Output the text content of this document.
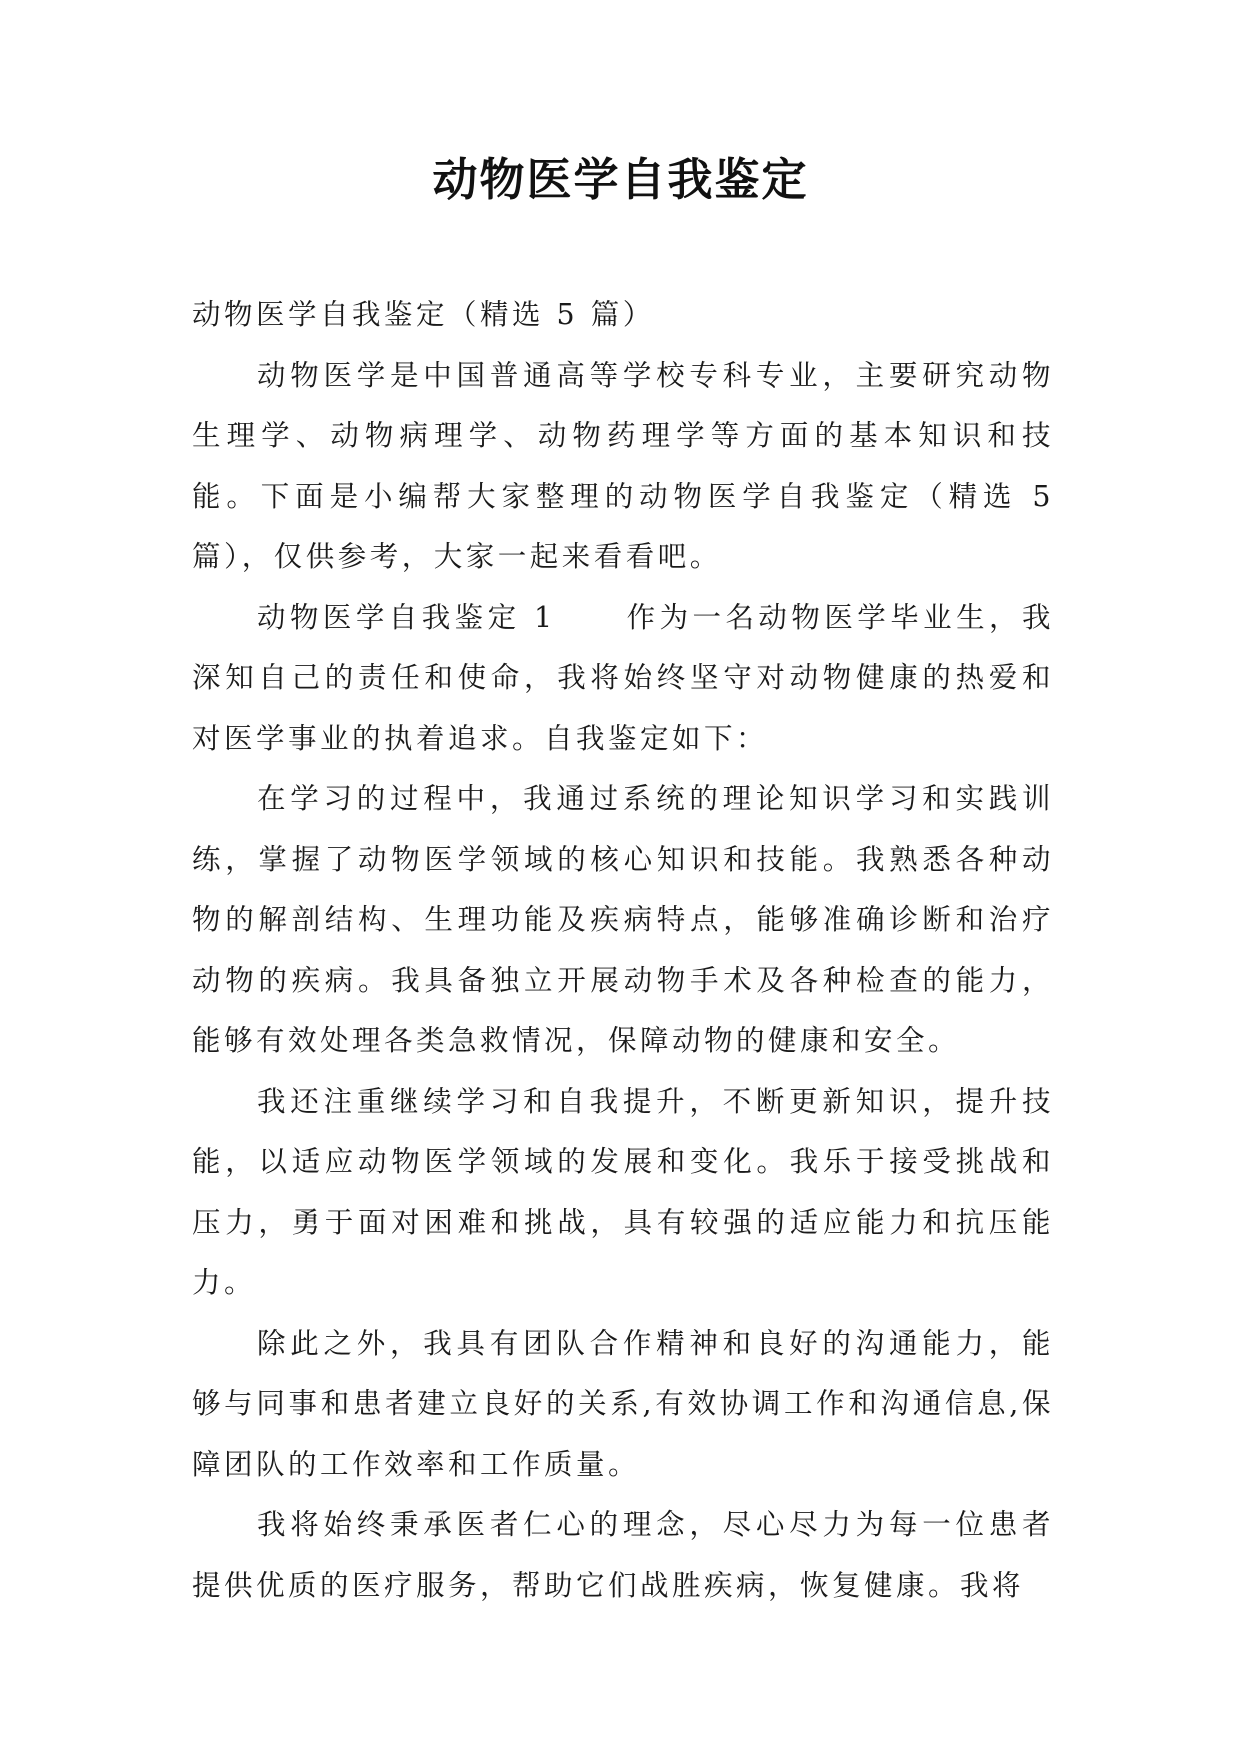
动物医学自我鉴定

动物医学自我鉴定（精选 5 篇）

动物医学是中国普通高等学校专科专业，主要研究动物生理学、动物病理学、动物药理学等方面的基本知识和技能。下面是小编帮大家整理的动物医学自我鉴定（精选 5 篇），仅供参考，大家一起来看看吧。

动物医学自我鉴定 1 作为一名动物医学毕业生，我深知自己的责任和使命，我将始终坚守对动物健康的热爱和对医学事业的执着追求。自我鉴定如下：

在学习的过程中，我通过系统的理论知识学习和实践训练，掌握了动物医学领域的核心知识和技能。我熟悉各种动物的解剖结构、生理功能及疾病特点，能够准确诊断和治疗动物的疾病。我具备独立开展动物手术及各种检查的能力，能够有效处理各类急救情况，保障动物的健康和安全。

我还注重继续学习和自我提升，不断更新知识，提升技能，以适应动物医学领域的发展和变化。我乐于接受挑战和压力，勇于面对困难和挑战，具有较强的适应能力和抗压能力。

除此之外，我具有团队合作精神和良好的沟通能力，能够与同事和患者建立良好的关系,有效协调工作和沟通信息,保障团队的工作效率和工作质量。

我将始终秉承医者仁心的理念，尽心尽力为每一位患者提供优质的医疗服务，帮助它们战胜疾病，恢复健康。我将
